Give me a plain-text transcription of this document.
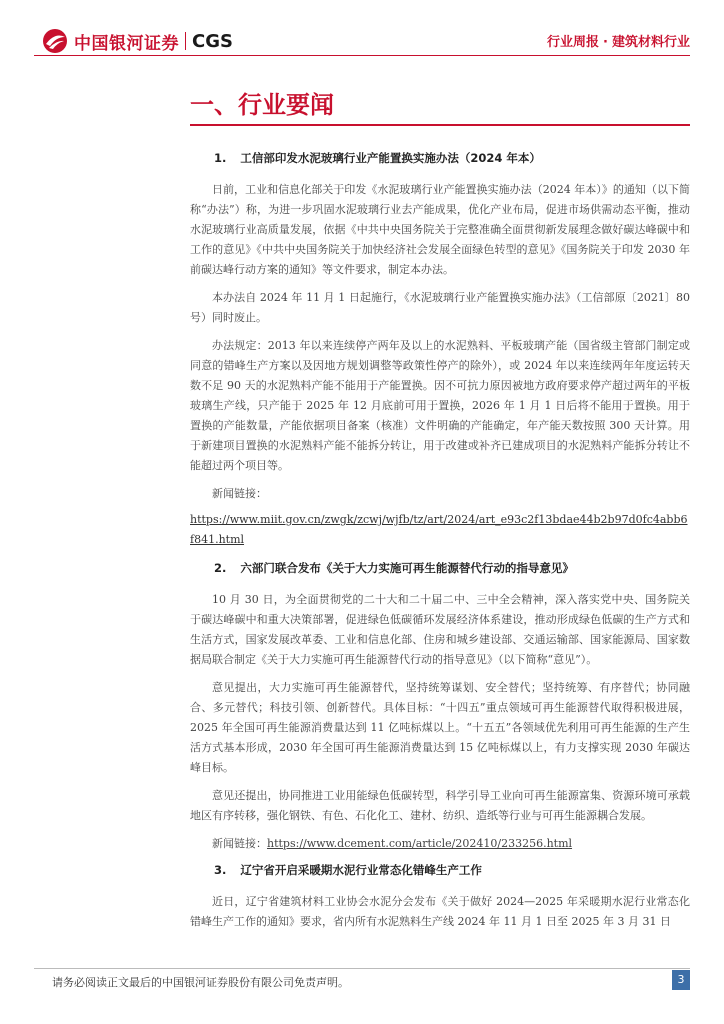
中国银河证券 CGS	行业周报 · 建筑材料行业
一、行业要闻
1. 工信部印发水泥玻璃行业产能置换实施办法（2024 年本）

日前，工业和信息化部关于印发《水泥玻璃行业产能置换实施办法（2024 年本）》的通知（以下简称“办法”）称，为进一步巩固水泥玻璃行业去产能成果，优化产业布局，促进市场供需动态平衡，推动水泥玻璃行业高质量发展，依据《中共中央国务院关于完整准确全面贯彻新发展理念做好碳达峰碳中和工作的意见》《中共中央国务院关于加快经济社会发展全面绿色转型的意见》《国务院关于印发 2030 年前碳达峰行动方案的通知》等文件要求，制定本办法。

本办法自 2024 年 11 月 1 日起施行，《水泥玻璃行业产能置换实施办法》（工信部原〔2021〕80 号）同时废止。

办法规定：2013 年以来连续停产两年及以上的水泥熟料、平板玻璃产能（国省级主管部门制定或同意的错峰生产方案以及因地方规划调整等政策性停产的除外），或 2024 年以来连续两年年度运转天数不足 90 天的水泥熟料产能不能用于产能置换。因不可抗力原因被地方政府要求停产超过两年的平板玻璃生产线，只产能于 2025 年 12 月底前可用于置换，2026 年 1 月 1 日后将不能用于置换。用于置换的产能数量，产能依据项目备案（核准）文件明确的产能确定，年产能天数按照 300 天计算。用于新建项目置换的水泥熟料产能不能拆分转让，用于改建或补齐已建成项目的水泥熟料产能拆分转让不能超过两个项目等。

新闻链接：

https://www.miit.gov.cn/zwgk/zcwj/wjfb/tz/art/2024/art_e93c2f13bdae44b2b97d0fc4abb6f841.html

2. 六部门联合发布《关于大力实施可再生能源替代行动的指导意见》

10 月 30 日，为全面贯彻党的二十大和二十届二中、三中全会精神，深入落实党中央、国务院关于碳达峰碳中和重大决策部署，促进绿色低碳循环发展经济体系建设，推动形成绿色低碳的生产方式和生活方式，国家发展改革委、工业和信息化部、住房和城乡建设部、交通运输部、国家能源局、国家数据局联合制定《关于大力实施可再生能源替代行动的指导意见》（以下简称“意见”）。

意见提出，大力实施可再生能源替代，坚持统筹谋划、安全替代；坚持统筹、有序替代；协同融合、多元替代；科技引领、创新替代。具体目标：“十四五”重点领域可再生能源替代取得积极进展，2025 年全国可再生能源消费量达到 11 亿吨标煤以上。“十五五”各领域优先利用可再生能源的生产生活方式基本形成，2030 年全国可再生能源消费量达到 15 亿吨标煤以上，有力支撑实现 2030 年碳达峰目标。

意见还提出，协同推进工业用能绿色低碳转型，科学引导工业向可再生能源富集、资源环境可承载地区有序转移，强化钢铁、有色、石化化工、建材、纺织、造纸等行业与可再生能源耦合发展。

新闻链接：https://www.dcement.com/article/202410/233256.html

3. 辽宁省开启采暖期水泥行业常态化错峰生产工作

近日，辽宁省建筑材料工业协会水泥分会发布《关于做好 2024—2025 年采暖期水泥行业常态化错峰生产工作的通知》要求，省内所有水泥熟料生产线 2024 年 11 月 1 日至 2025 年 3 月 31 日

请务必阅读正文最后的中国银河证券股份有限公司免责声明。	3
